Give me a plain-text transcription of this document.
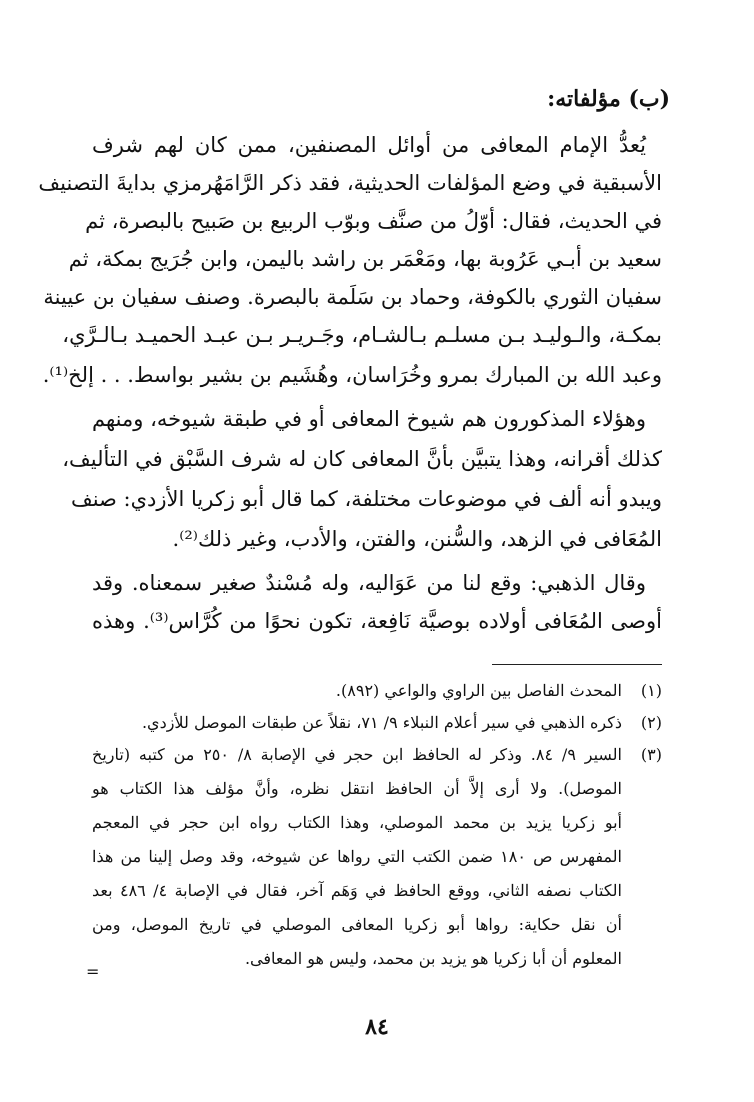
(ب) مؤلفاته:
يُعدُّ الإمام المعافى من أوائل المصنفين، ممن كان لهم شرف
الأسبقية في وضع المؤلفات الحديثية، فقد ذكر الرَّامَهُرمزي بدايةَ التصنيف
في الحديث، فقال: أوّلُ من صنَّف وبوّب الربيع بن صَبيح بالبصرة، ثم
سعيد بن أبـي عَرُوبة بها، ومَعْمَر بن راشد باليمن، وابن جُرَيج بمكة، ثم
سفيان الثوري بالكوفة، وحماد بن سَلَمة بالبصرة. وصنف سفيان بن عيينة
بمكـة، والـوليـد بـن مسلـم بـالشـام، وجَـريـر بـن عبـد الحميـد بـالـرَّي،
وعبد الله بن المبارك بمرو وخُرَاسان، وهُشَيم بن بشير بواسط. . . إلخ⁽¹⁾.
وهؤلاء المذكورون هم شيوخ المعافى أو في طبقة شيوخه، ومنهم
كذلك أقرانه، وهذا يتبيَّن بأنَّ المعافى كان له شرف السَّبْق في التأليف،
ويبدو أنه ألف في موضوعات مختلفة، كما قال أبو زكريا الأزدي: صنف
المُعَافى في الزهد، والسُّنن، والفتن، والأدب، وغير ذلك⁽²⁾.
وقال الذهبي: وقع لنا من عَوَاليه، وله مُسْندٌ صغير سمعناه. وقد
أوصى المُعَافى أولاده بوصيَّة نَافِعة، تكون نحوًا من كُرَّاس⁽³⁾. وهذه
(١)المحدث الفاصل بين الراوي والواعي (٨٩٢).
(٢)ذكره الذهبي في سير أعلام النبلاء ٩/ ٧١، نقلاً عن طبقات الموصل للأزدي.
(٣)السير ٩/ ٨٤. وذكر له الحافظ ابن حجر في الإصابة ٨/ ٢٥٠ من كتبه (تاريخ
الموصل). ولا أرى إلاَّ أن الحافظ انتقل نظره، وأنَّ مؤلف هذا الكتاب هو
أبو زكريا يزيد بن محمد الموصلي، وهذا الكتاب رواه ابن حجر في المعجم
المفهرس ص ١٨٠ ضمن الكتب التي رواها عن شيوخه، وقد وصل إلينا من هذا
الكتاب نصفه الثاني، ووقع الحافظ في وَهَم آخر، فقال في الإصابة ٤/ ٤٨٦ بعد
أن نقل حكاية: رواها أبو زكريا المعافى الموصلي في تاريخ الموصل، ومن
المعلوم أن أبا زكريا هو يزيد بن محمد، وليس هو المعافى.
=
٨٤
